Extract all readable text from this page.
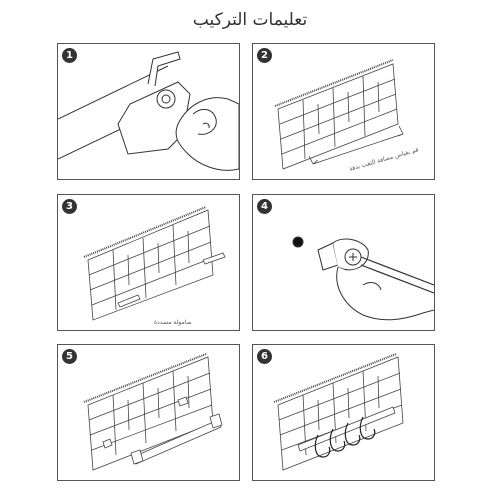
تعليمات التركيب
1	2
قم بقياس مسافة الثقب بدقة
3
صامولة متمددة
4
5	6
